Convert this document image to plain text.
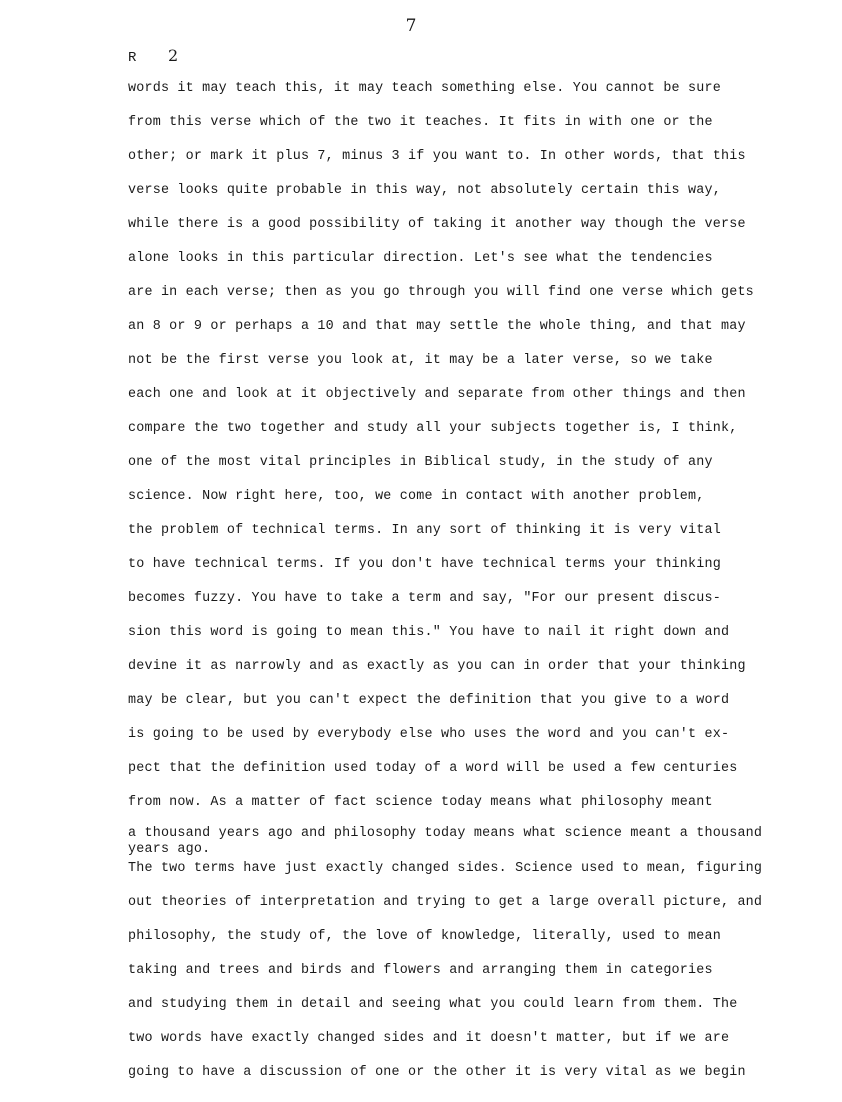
7
R 2
words it may teach this, it may teach something else. You cannot be sure
from this verse which of the two it teaches. It fits in with one or the
other; or mark it plus 7, minus 3 if you want to. In other words, that this
verse looks quite probable in this way, not absolutely certain this way,
while there is a good possibility of taking it another way though the verse
alone looks in this particular direction. Let's see what the tendencies
are in each verse; then as you go through you will find one verse which gets
an 8 or 9 or perhaps a 10 and that may settle the whole thing, and that may
not be the first verse you look at, it may be a later verse, so we take
each one and look at it objectively and separate from other things and then
compare the two together and study all your subjects together is, I think,
one of the most vital principles in Biblical study, in the study of any
science. Now right here, too, we come in contact with another problem,
the problem of technical terms. In any sort of thinking it is very vital
to have technical terms. If you don't have technical terms your thinking
becomes fuzzy. You have to take a term and say, "For our present discus-
sion this word is going to mean this." You have to nail it right down and
devine it as narrowly and as exactly as you can in order that your thinking
may be clear, but you can't expect the definition that you give to a word
is going to be used by everybody else who uses the word and you can't ex-
pect that the definition used today of a word will be used a few centuries
from now. As a matter of fact science today means what philosophy meant
a thousand years ago and philosophy today means what science meant a thousand
years ago.
The two terms have just exactly changed sides. Science used to mean, figuring
out theories of interpretation and trying to get a large overall picture, and
philosophy, the study of, the love of knowledge, literally, used to mean
taking and trees and birds and flowers and arranging them in categories
and studying them in detail and seeing what you could learn from them. The
two words have exactly changed sides and it doesn't matter, but if we are
going to have a discussion of one or the other it is very vital as we begin
